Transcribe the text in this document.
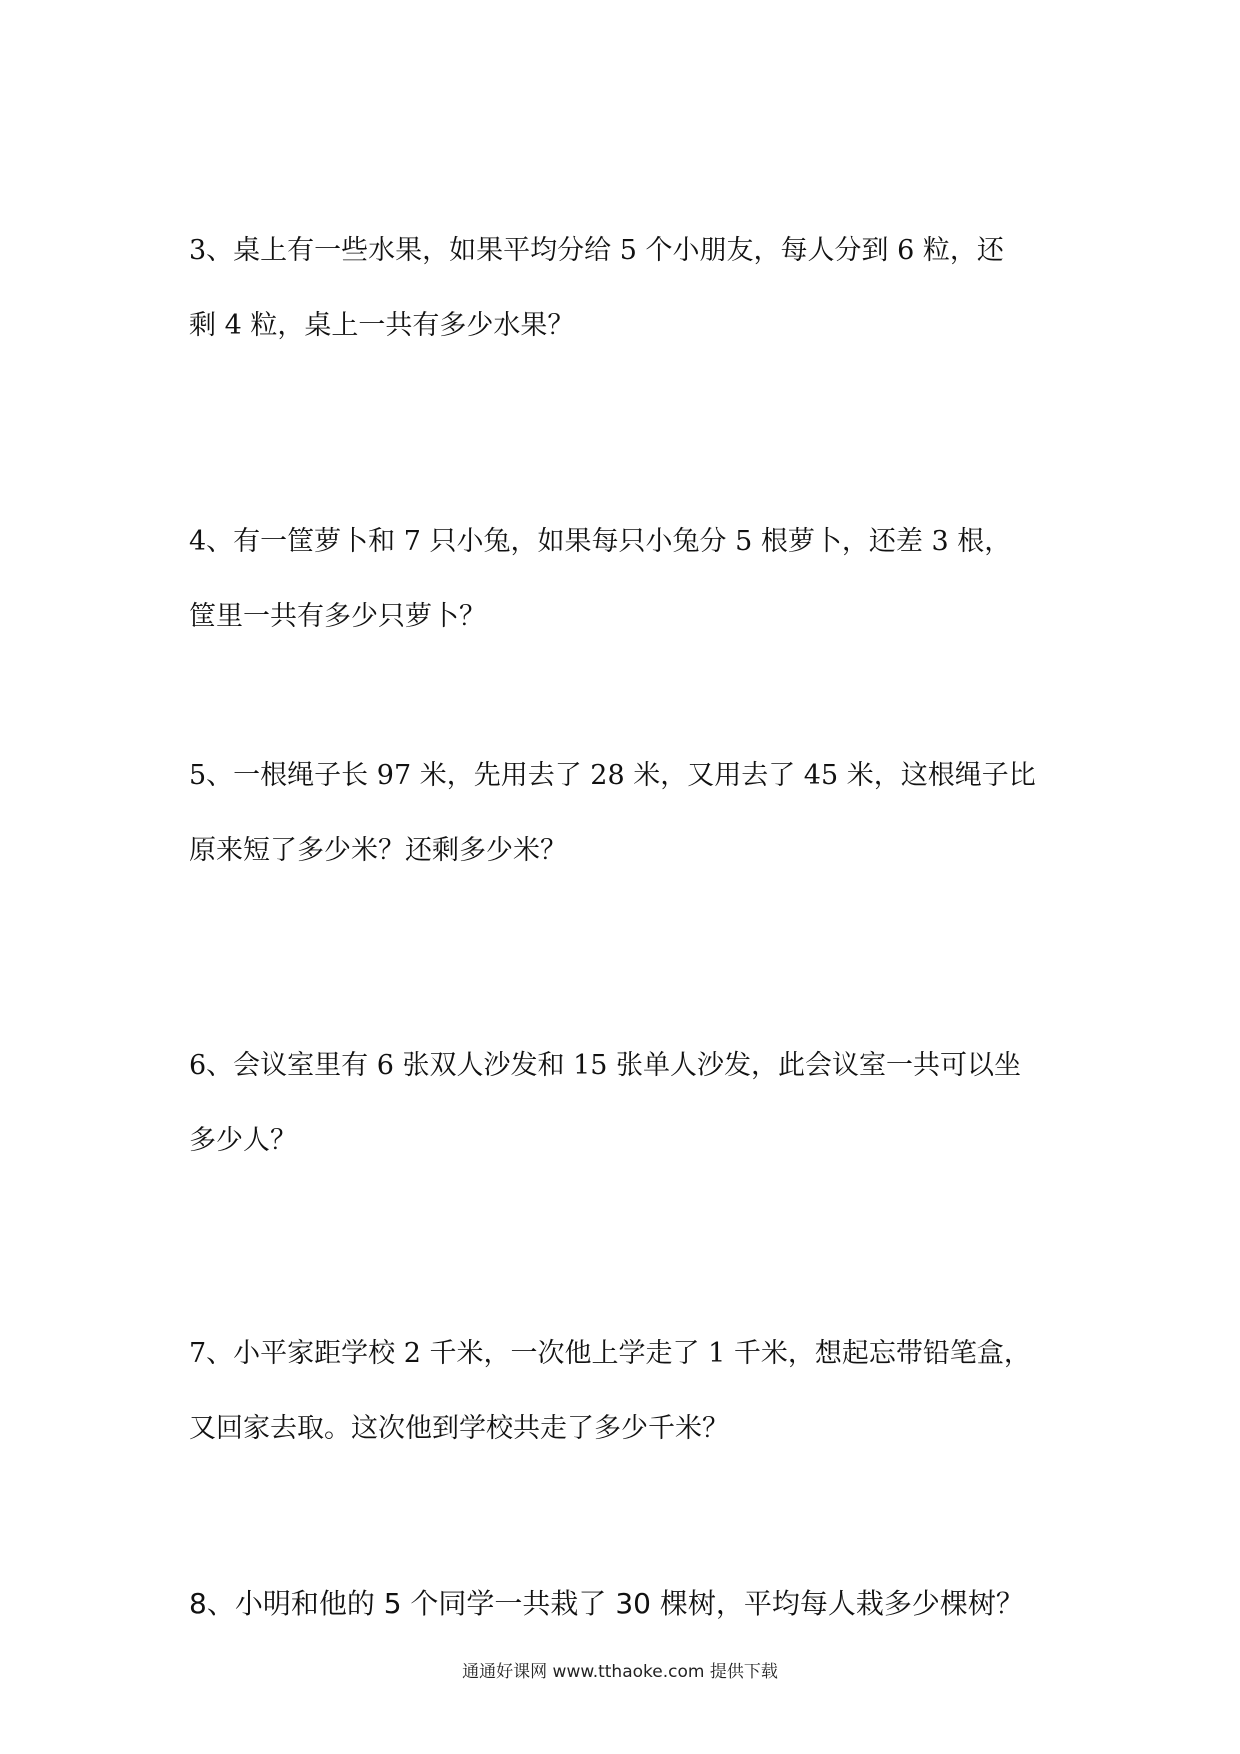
3、桌上有一些水果，如果平均分给 5 个小朋友，每人分到 6 粒，还
剩 4 粒，桌上一共有多少水果？
4、有一筐萝卜和 7 只小兔，如果每只小兔分 5 根萝卜，还差 3 根，
筐里一共有多少只萝卜？
5、一根绳子长 97 米，先用去了 28 米，又用去了 45 米，这根绳子比
原来短了多少米？还剩多少米？
6、会议室里有 6 张双人沙发和 15 张单人沙发，此会议室一共可以坐
多少人？
7、小平家距学校 2 千米，一次他上学走了 1 千米，想起忘带铅笔盒，
又回家去取。这次他到学校共走了多少千米？
8、小明和他的 5 个同学一共栽了 30 棵树，平均每人栽多少棵树？
通通好课网 www.tthaoke.com 提供下载
